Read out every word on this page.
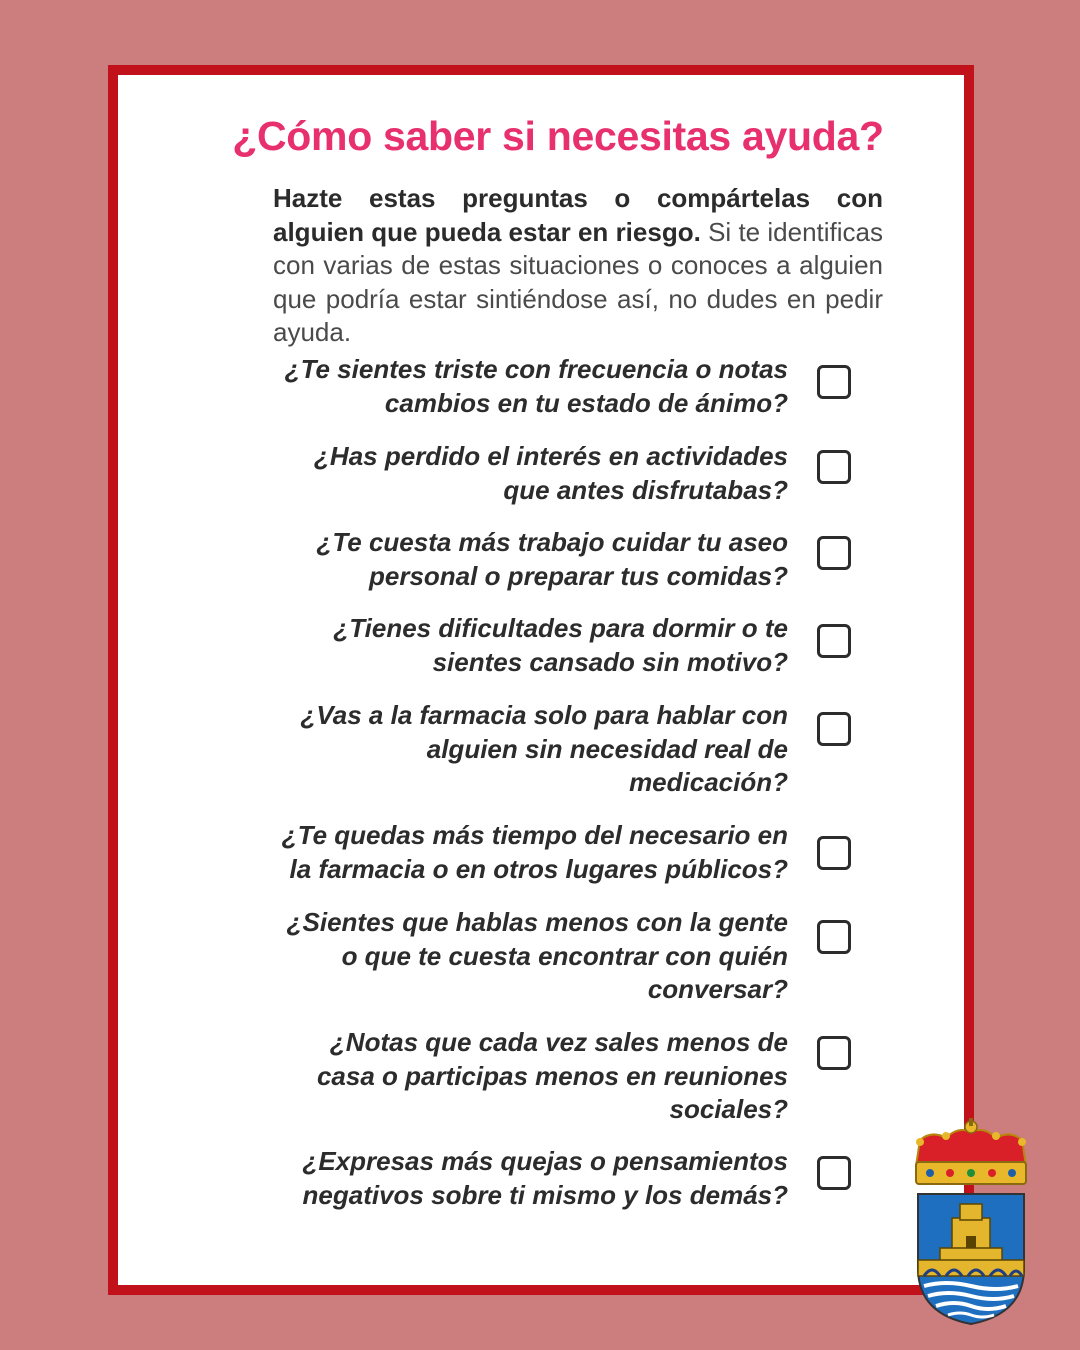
¿Cómo saber si necesitas ayuda?
Hazte estas preguntas o compártelas con alguien que pueda estar en riesgo. Si te identificas con varias de estas situaciones o conoces a alguien que podría estar sintiéndose así, no dudes en pedir ayuda.
¿Te sientes triste con frecuencia o notas cambios en tu estado de ánimo?
¿Has perdido el interés en actividades que antes disfrutabas?
¿Te cuesta más trabajo cuidar tu aseo personal o preparar tus comidas?
¿Tienes dificultades para dormir o te sientes cansado sin motivo?
¿Vas a la farmacia solo para hablar con alguien sin necesidad real de medicación?
¿Te quedas más tiempo del necesario en la farmacia o en otros lugares públicos?
¿Sientes que hablas menos con la gente o que te cuesta encontrar con quién conversar?
¿Notas que cada vez sales menos de casa o participas menos en reuniones sociales?
¿Expresas más quejas o pensamientos negativos sobre ti mismo y los demás?
